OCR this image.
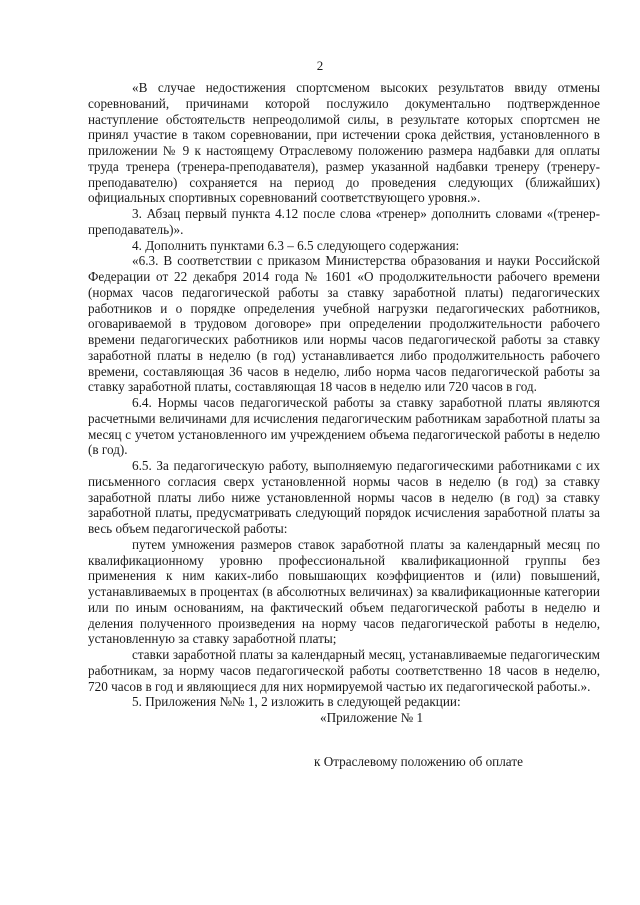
2

«В случае недостижения спортсменом высоких результатов ввиду отмены соревнований, причинами которой послужило документально подтвержденное наступление обстоятельств непреодолимой силы, в результате которых спортсмен не принял участие в таком соревновании, при истечении срока действия, установленного в приложении № 9 к настоящему Отраслевому положению размера надбавки для оплаты труда тренера (тренера-преподавателя), размер указанной надбавки тренеру (тренеру-преподавателю) сохраняется на период до проведения следующих (ближайших) официальных спортивных соревнований соответствующего уровня.».

3. Абзац первый пункта 4.12 после слова «тренер» дополнить словами «(тренер-преподаватель)».

4. Дополнить пунктами 6.3 – 6.5 следующего содержания:

«6.3. В соответствии с приказом Министерства образования и науки Российской Федерации от 22 декабря 2014 года № 1601 «О продолжительности рабочего времени (нормах часов педагогической работы за ставку заработной платы) педагогических работников и о порядке определения учебной нагрузки педагогических работников, оговариваемой в трудовом договоре» при определении продолжительности рабочего времени педагогических работников или нормы часов педагогической работы за ставку заработной платы в неделю (в год) устанавливается либо продолжительность рабочего времени, составляющая 36 часов в неделю, либо норма часов педагогической работы за ставку заработной платы, составляющая 18 часов в неделю или 720 часов в год.

6.4. Нормы часов педагогической работы за ставку заработной платы являются расчетными величинами для исчисления педагогическим работникам заработной платы за месяц с учетом установленного им учреждением объема педагогической работы в неделю (в год).

6.5. За педагогическую работу, выполняемую педагогическими работниками с их письменного согласия сверх установленной нормы часов в неделю (в год) за ставку заработной платы либо ниже установленной нормы часов в неделю (в год) за ставку заработной платы, предусматривать следующий порядок исчисления заработной платы за весь объем педагогической работы:

путем умножения размеров ставок заработной платы за календарный месяц по квалификационному уровню профессиональной квалификационной группы без применения к ним каких-либо повышающих коэффициентов и (или) повышений, устанавливаемых в процентах (в абсолютных величинах) за квалификационные категории или по иным основаниям, на фактический объем педагогической работы в неделю и деления полученного произведения на норму часов педагогической работы в неделю, установленную за ставку заработной платы;

ставки заработной платы за календарный месяц, устанавливаемые педагогическим работникам, за норму часов педагогической работы соответственно 18 часов в неделю, 720 часов в год и являющиеся для них нормируемой частью их педагогической работы.».

5. Приложения №№ 1, 2 изложить в следующей редакции:

«Приложение № 1

к Отраслевому положению об оплате
